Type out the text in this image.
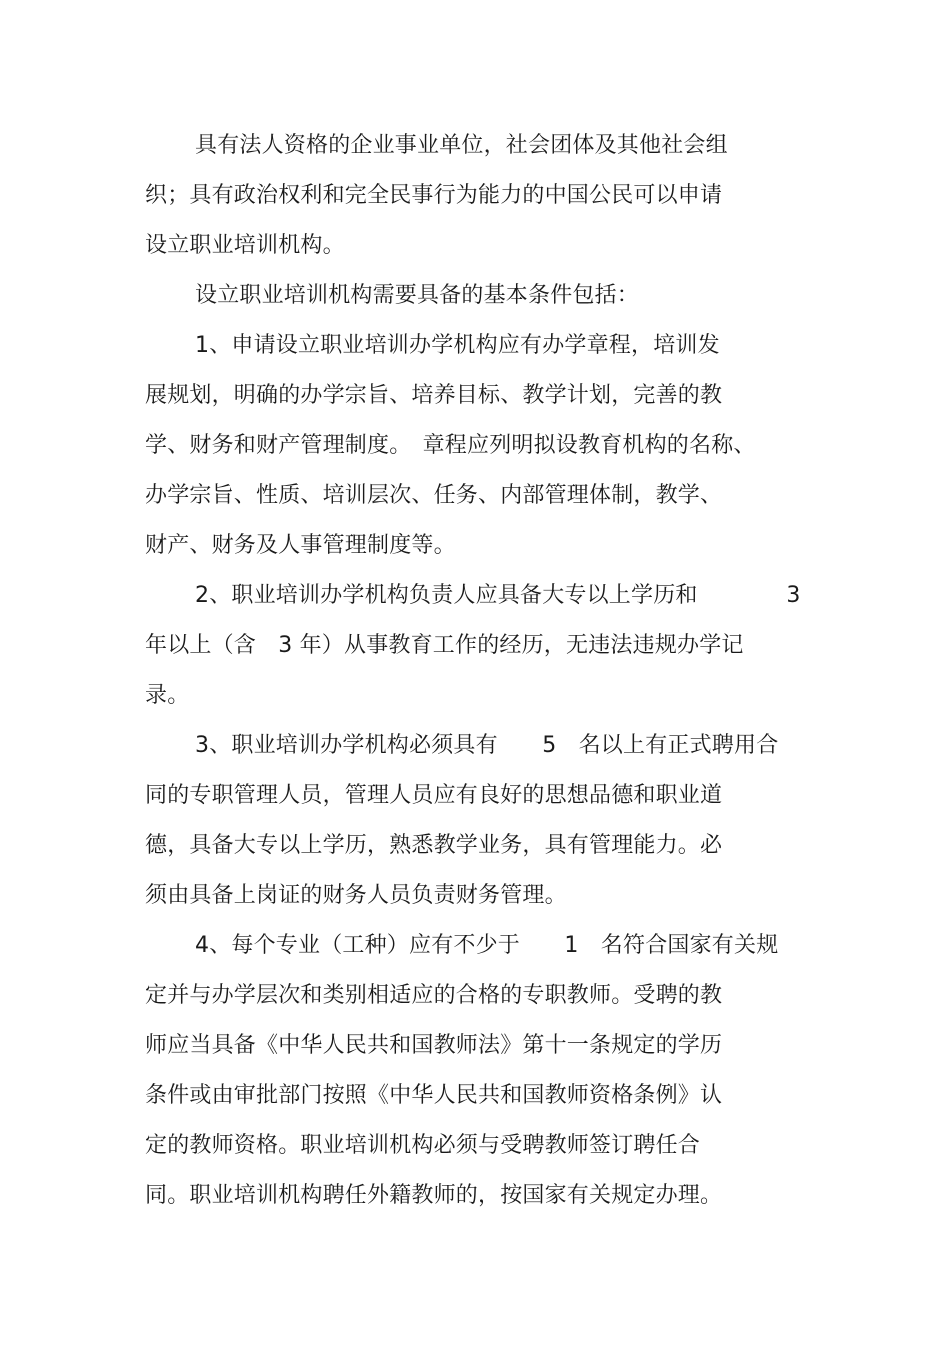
具有法人资格的企业事业单位，社会团体及其他社会组
织；具有政治权利和完全民事行为能力的中国公民可以申请
设立职业培训机构。
设立职业培训机构需要具备的基本条件包括：
1、申请设立职业培训办学机构应有办学章程，培训发
展规划，明确的办学宗旨、培养目标、教学计划，完善的教
学、财务和财产管理制度。　章程应列明拟设教育机构的名称、
办学宗旨、性质、培训层次、任务、内部管理体制，教学、
财产、财务及人事管理制度等。
2、职业培训办学机构负责人应具备大专以上学历和　　　　3
年以上（含　3 年）从事教育工作的经历，无违法违规办学记
录。
3、职业培训办学机构必须具有　　5　名以上有正式聘用合
同的专职管理人员，管理人员应有良好的思想品德和职业道
德，具备大专以上学历，熟悉教学业务，具有管理能力。必
须由具备上岗证的财务人员负责财务管理。
4、每个专业（工种）应有不少于　　1　名符合国家有关规
定并与办学层次和类别相适应的合格的专职教师。受聘的教
师应当具备《中华人民共和国教师法》第十一条规定的学历
条件或由审批部门按照《中华人民共和国教师资格条例》认
定的教师资格。职业培训机构必须与受聘教师签订聘任合
同。职业培训机构聘任外籍教师的，按国家有关规定办理。
